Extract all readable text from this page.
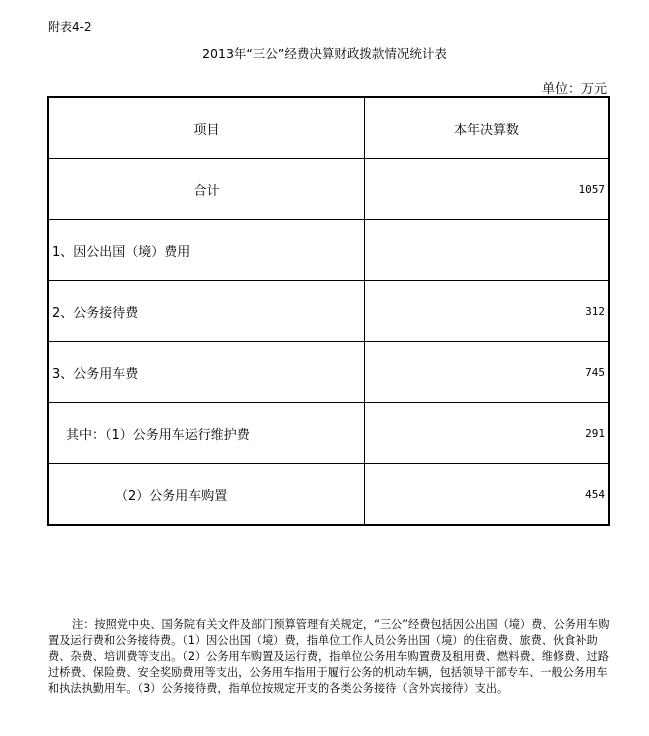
附表4-2
2013年“三公”经费决算财政拨款情况统计表
单位：万元
项目	本年决算数
合计	1057
1、因公出国（境）费用	
2、公务接待费	312
3、公务用车费	745
其中：（1）公务用车运行维护费	291
（2）公务用车购置	454
注：按照党中央、国务院有关文件及部门预算管理有关规定，“三公”经费包括因公出国（境）费、公务用车购置及运行费和公务接待费。（1）因公出国（境）费，指单位工作人员公务出国（境）的住宿费、旅费、伙食补助费、杂费、培训费等支出。（2）公务用车购置及运行费，指单位公务用车购置费及租用费、燃料费、维修费、过路过桥费、保险费、安全奖励费用等支出，公务用车指用于履行公务的机动车辆，包括领导干部专车、一般公务用车和执法执勤用车。（3）公务接待费，指单位按规定开支的各类公务接待（含外宾接待）支出。
